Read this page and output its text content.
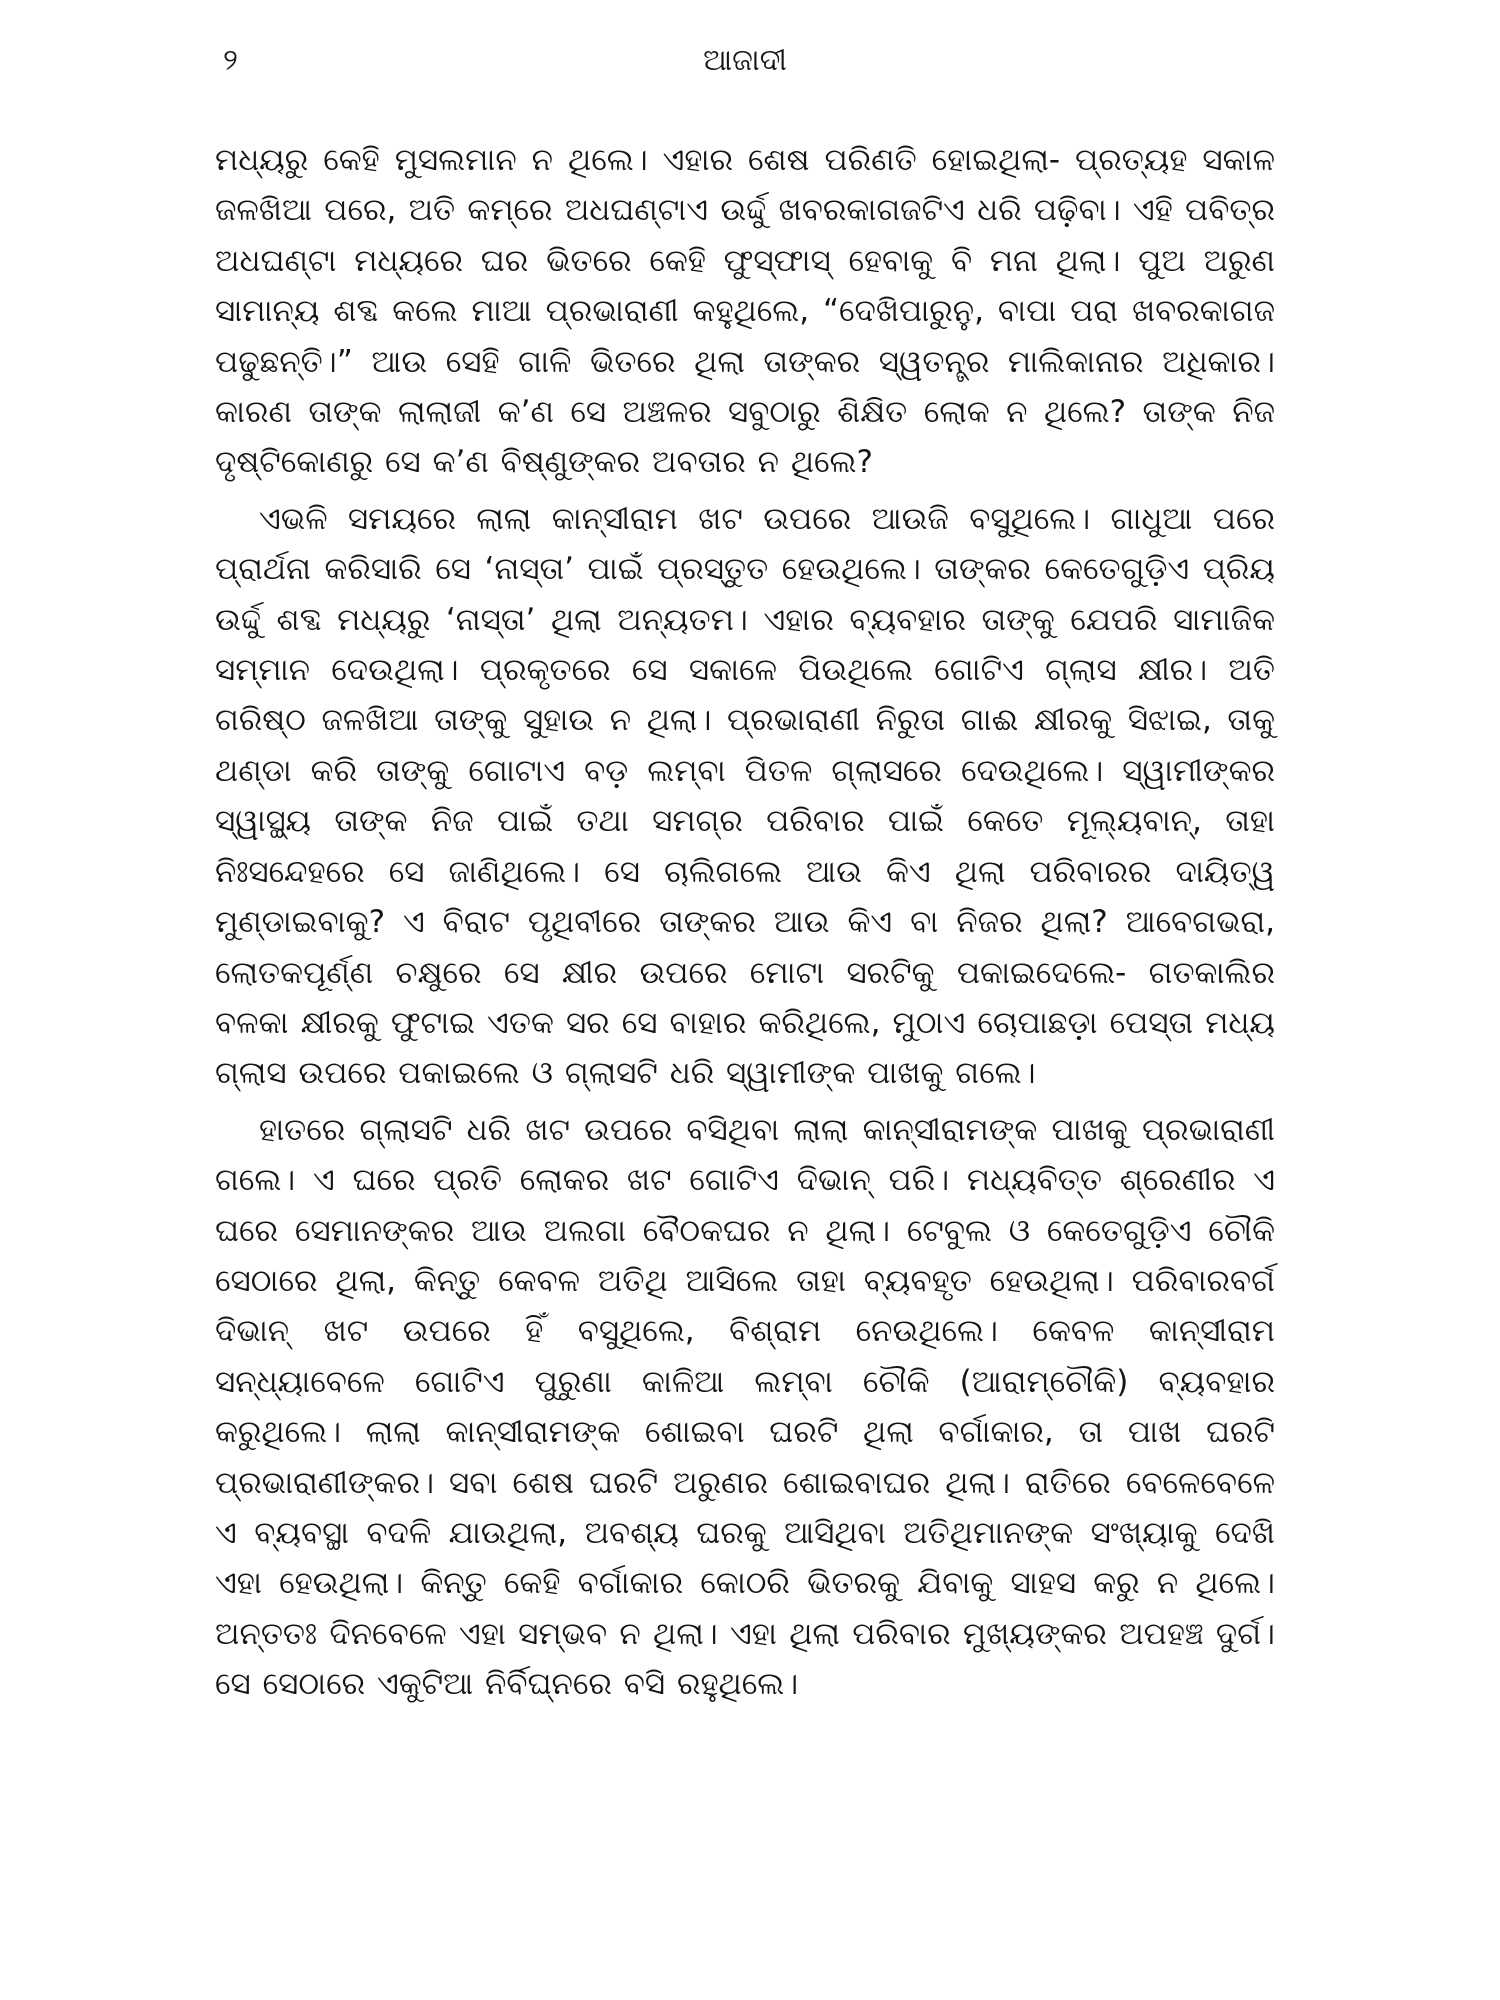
୨	ଆଜାଦୀ

ମଧ୍ୟରୁ କେହି ମୁସଲମାନ ନ ଥିଲେ। ଏହାର ଶେଷ ପରିଣତି ହୋଇଥିଲା- ପ୍ରତ୍ୟହ ସକାଳ ଜଳଖିଆ ପରେ, ଅତି କମ୍‌ରେ ଅଧଘଣ୍ଟାଏ ଉର୍ଦ୍ଦୁ ଖବରକାଗଜଟିଏ ଧରି ପଢ଼ିବା। ଏହି ପବିତ୍ର ଅଧଘଣ୍ଟା ମଧ୍ୟରେ ଘର ଭିତରେ କେହି ଫୁସ୍‌ଫାସ୍ ହେବାକୁ ବି ମନା ଥିଲା। ପୁଅ ଅରୁଣ ସାମାନ୍ୟ ଶବ୍ଦ କଲେ ମାଆ ପ୍ରଭାରାଣୀ କହୁଥିଲେ, “ଦେଖିପାରୁନୁ, ବାପା ପରା ଖବରକାଗଜ ପଢୁଛନ୍ତି।” ଆଉ ସେହି ଗାଳି ଭିତରେ ଥିଲା ତାଙ୍କର ସ୍ୱତନ୍ତ୍ର ମାଲିକାନାର ଅଧିକାର। କାରଣ ତାଙ୍କ ଲାଲାଜୀ କ’ଣ ସେ ଅଞ୍ଚଳର ସବୁଠାରୁ ଶିକ୍ଷିତ ଲୋକ ନ ଥିଲେ? ତାଙ୍କ ନିଜ ଦୃଷ୍ଟିକୋଣରୁ ସେ କ’ଣ ବିଷ୍ଣୁଙ୍କର ଅବତାର ନ ଥିଲେ?

ଏଭଳି ସମୟରେ ଲାଲା କାନ୍‌ସୀରାମ ଖଟ ଉପରେ ଆଉଜି ବସୁଥିଲେ। ଗାଧୁଆ ପରେ ପ୍ରାର୍ଥନା କରିସାରି ସେ ‘ନାସ୍ତା’ ପାଇଁ ପ୍ରସ୍ତୁତ ହେଉଥିଲେ। ତାଙ୍କର କେତେଗୁଡ଼ିଏ ପ୍ରିୟ ଉର୍ଦ୍ଦୁ ଶବ୍ଦ ମଧ୍ୟରୁ ‘ନାସ୍ତା’ ଥିଲା ଅନ୍ୟତମ। ଏହାର ବ୍ୟବହାର ତାଙ୍କୁ ଯେପରି ସାମାଜିକ ସମ୍ମାନ ଦେଉଥିଲା। ପ୍ରକୃତରେ ସେ ସକାଳେ ପିଉଥିଲେ ଗୋଟିଏ ଗ୍ଲାସ କ୍ଷୀର। ଅତି ଗରିଷ୍ଠ ଜଳଖିଆ ତାଙ୍କୁ ସୁହାଉ ନ ଥିଲା। ପ୍ରଭାରାଣୀ ନିରୁତା ଗାଈ କ୍ଷୀରକୁ ସିଝାଇ, ତାକୁ ଥଣ୍ଡା କରି ତାଙ୍କୁ ଗୋଟାଏ ବଡ଼ ଲମ୍ବା ପିତଳ ଗ୍ଲାସରେ ଦେଉଥିଲେ। ସ୍ୱାମୀଙ୍କର ସ୍ୱାସ୍ଥ୍ୟ ତାଙ୍କ ନିଜ ପାଇଁ ତଥା ସମଗ୍ର ପରିବାର ପାଇଁ କେତେ ମୂଲ୍ୟବାନ୍, ତାହା ନିଃସନ୍ଦେହରେ ସେ ଜାଣିଥିଲେ। ସେ ଚାଲିଗଲେ ଆଉ କିଏ ଥିଲା ପରିବାରର ଦାୟିତ୍ୱ ମୁଣ୍ଡାଇବାକୁ? ଏ ବିରାଟ ପୃଥିବୀରେ ତାଙ୍କର ଆଉ କିଏ ବା ନିଜର ଥିଲା? ଆବେଗଭରା, ଲୋତକପୂର୍ଣ୍ଣ ଚକ୍ଷୁରେ ସେ କ୍ଷୀର ଉପରେ ମୋଟା ସରଟିକୁ ପକାଇଦେଲେ- ଗତକାଲିର ବଳକା କ୍ଷୀରକୁ ଫୁଟାଇ ଏତକ ସର ସେ ବାହାର କରିଥିଲେ, ମୁଠାଏ ଚୋପାଛଡ଼ା ପେସ୍ତା ମଧ୍ୟ ଗ୍ଲାସ ଉପରେ ପକାଇଲେ ଓ ଗ୍ଲାସଟି ଧରି ସ୍ୱାମୀଙ୍କ ପାଖକୁ ଗଲେ।

ହାତରେ ଗ୍ଲାସଟି ଧରି ଖଟ ଉପରେ ବସିଥିବା ଲାଲା କାନ୍‌ସୀରାମଙ୍କ ପାଖକୁ ପ୍ରଭାରାଣୀ ଗଲେ। ଏ ଘରେ ପ୍ରତି ଲୋକର ଖଟ ଗୋଟିଏ ଦିଭାନ୍ ପରି। ମଧ୍ୟବିତ୍ତ ଶ୍ରେଣୀର ଏ ଘରେ ସେମାନଙ୍କର ଆଉ ଅଲଗା ବୈଠକଘର ନ ଥିଲା। ଟେବୁଲ ଓ କେତେଗୁଡ଼ିଏ ଚୌକି ସେଠାରେ ଥିଲା, କିନ୍ତୁ କେବଳ ଅତିଥି ଆସିଲେ ତାହା ବ୍ୟବହୃତ ହେଉଥିଲା। ପରିବାରବର୍ଗ ଦିଭାନ୍ ଖଟ ଉପରେ ହିଁ ବସୁଥିଲେ, ବିଶ୍ରାମ ନେଉଥିଲେ। କେବଳ କାନ୍‌ସୀରାମ ସନ୍ଧ୍ୟାବେଳେ ଗୋଟିଏ ପୁରୁଣା କାଳିଆ ଲମ୍ବା ଚୌକି (ଆରାମ୍‌ଚୌକି) ବ୍ୟବହାର କରୁଥିଲେ। ଲାଲା କାନ୍‌ସୀରାମଙ୍କ ଶୋଇବା ଘରଟି ଥିଲା ବର୍ଗାକାର, ତା ପାଖ ଘରଟି ପ୍ରଭାରାଣୀଙ୍କର। ସବା ଶେଷ ଘରଟି ଅରୁଣର ଶୋଇବାଘର ଥିଲା। ରାତିରେ ବେଳେବେଳେ ଏ ବ୍ୟବସ୍ଥା ବଦଳି ଯାଉଥିଲା, ଅବଶ୍ୟ ଘରକୁ ଆସିଥିବା ଅତିଥିମାନଙ୍କ ସଂଖ୍ୟାକୁ ଦେଖି ଏହା ହେଉଥିଲା। କିନ୍ତୁ କେହି ବର୍ଗାକାର କୋଠରି ଭିତରକୁ ଯିବାକୁ ସାହସ କରୁ ନ ଥିଲେ। ଅନ୍ତତଃ ଦିନବେଳେ ଏହା ସମ୍ଭବ ନ ଥିଲା। ଏହା ଥିଲା ପରିବାର ମୁଖ୍ୟଙ୍କର ଅପହଞ୍ଚ ଦୁର୍ଗ। ସେ ସେଠାରେ ଏକୁଟିଆ ନିର୍ବିଘ୍ନରେ ବସି ରହୁଥିଲେ।
